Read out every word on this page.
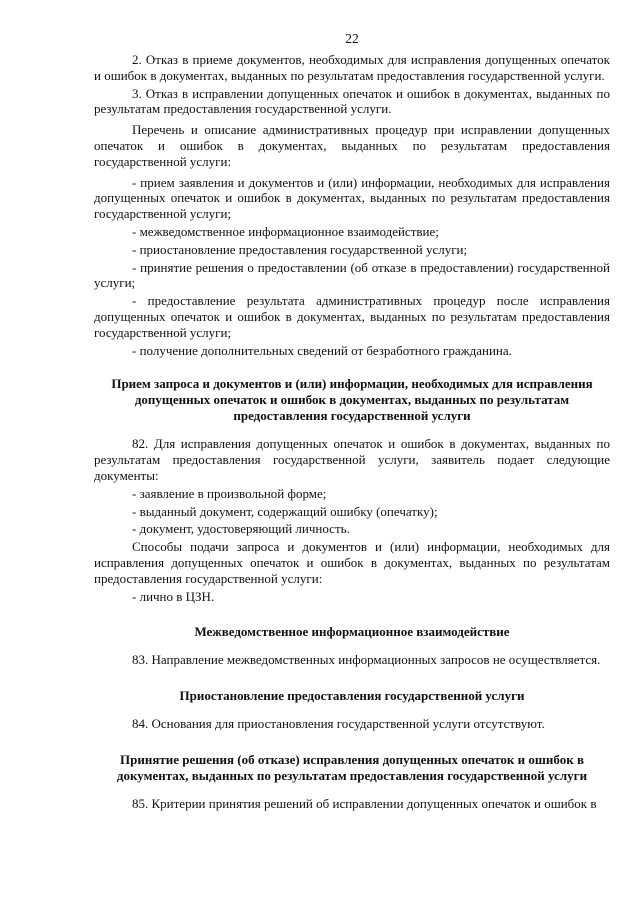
22

2. Отказ в приеме документов, необходимых для исправления допущенных опечаток и ошибок в документах, выданных по результатам предоставления государственной услуги.

3. Отказ в исправлении допущенных опечаток и ошибок в документах, выданных по результатам предоставления государственной услуги.

Перечень и описание административных процедур при исправлении допущенных опечаток и ошибок в документах, выданных по результатам предоставления государственной услуги:

- прием заявления и документов и (или) информации, необходимых для исправления допущенных опечаток и ошибок в документах, выданных по результатам предоставления государственной услуги;

- межведомственное информационное взаимодействие;

- приостановление предоставления государственной услуги;

- принятие решения о предоставлении (об отказе в предоставлении) государственной услуги;

- предоставление результата административных процедур после исправления допущенных опечаток и ошибок в документах, выданных по результатам предоставления государственной услуги;

- получение дополнительных сведений от безработного гражданина.

Прием запроса и документов и (или) информации, необходимых для исправления допущенных опечаток и ошибок в документах, выданных по результатам предоставления государственной услуги

82. Для исправления допущенных опечаток и ошибок в документах, выданных по результатам предоставления государственной услуги, заявитель подает следующие документы:

- заявление в произвольной форме;

- выданный документ, содержащий ошибку (опечатку);

- документ, удостоверяющий личность.

Способы подачи запроса и документов и (или) информации, необходимых для исправления допущенных опечаток и ошибок в документах, выданных по результатам предоставления государственной услуги:

- лично в ЦЗН.

Межведомственное информационное взаимодействие

83. Направление межведомственных информационных запросов не осуществляется.

Приостановление предоставления государственной услуги

84. Основания для приостановления государственной услуги отсутствуют.

Принятие решения (об отказе) исправления допущенных опечаток и ошибок в документах, выданных по результатам предоставления государственной услуги

85. Критерии принятия решений об исправлении допущенных опечаток и ошибок в
